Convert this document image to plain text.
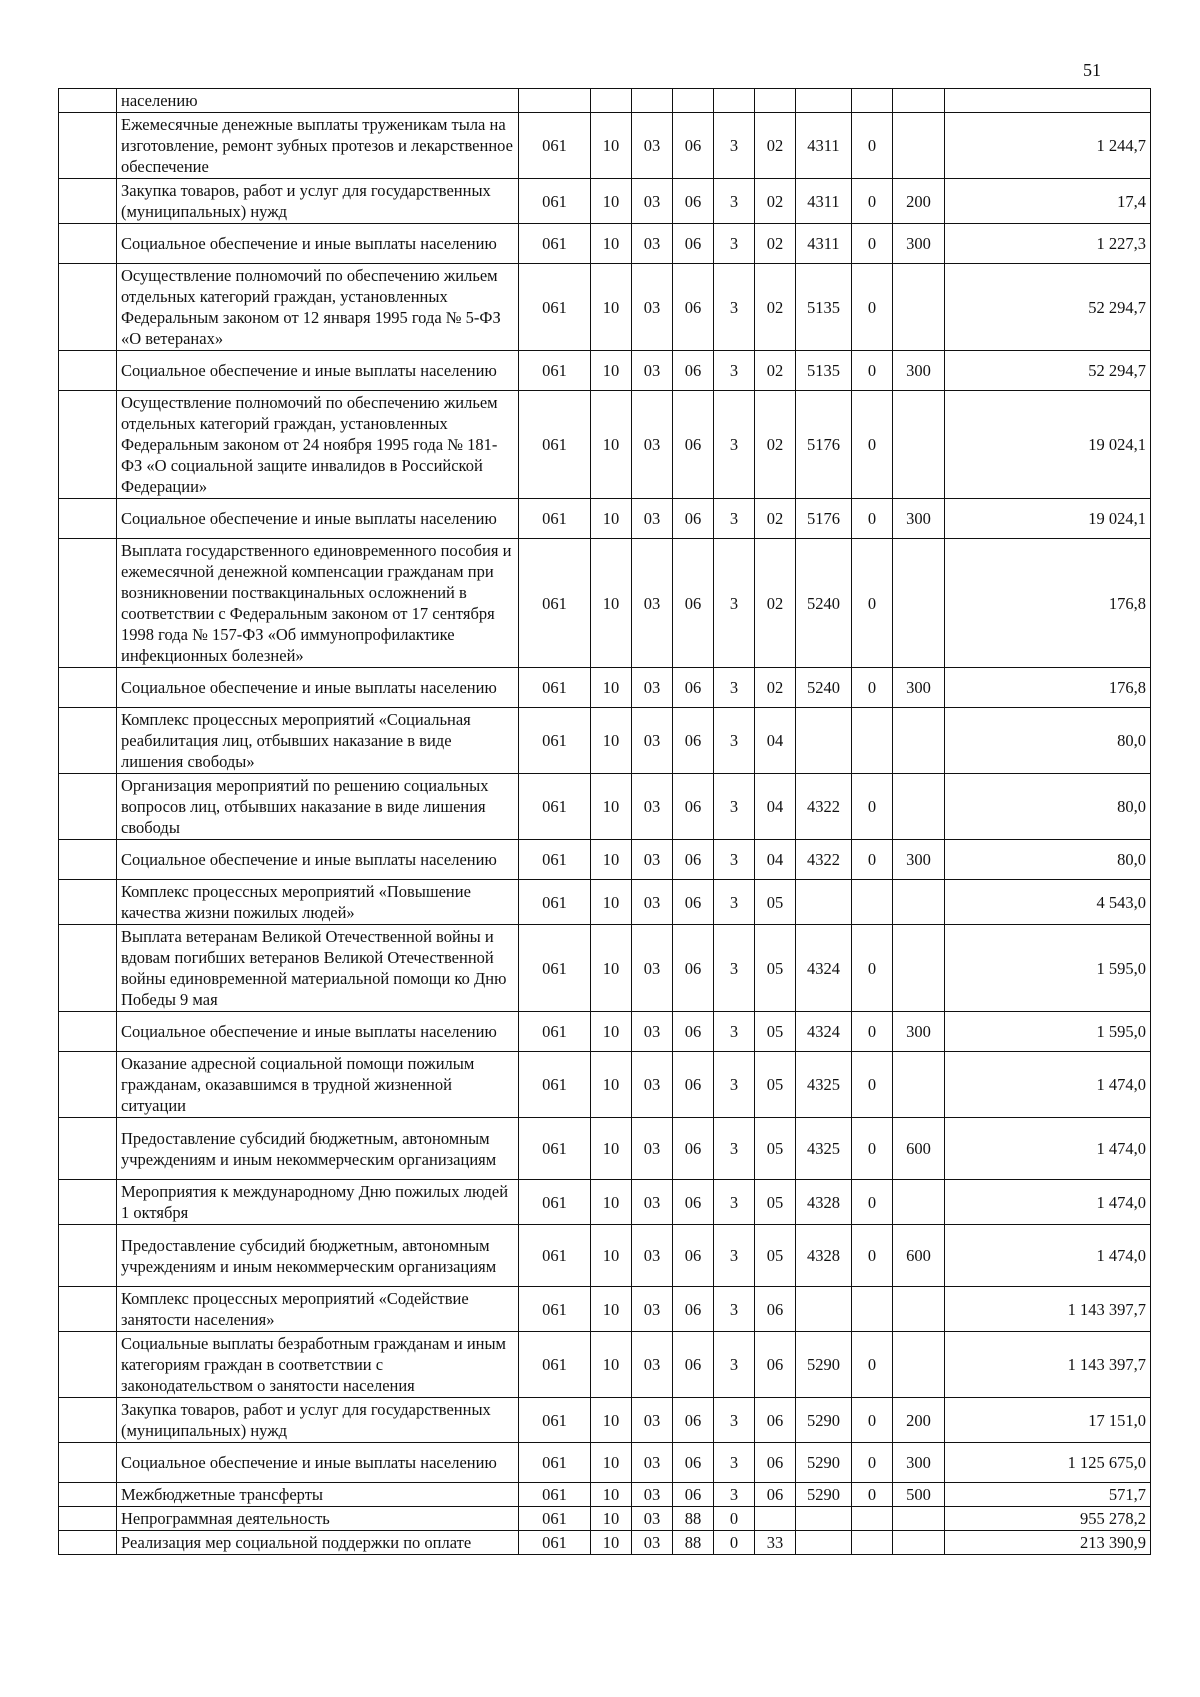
51
	населению										
	Ежемесячные денежные выплаты труженикам тыла на изготовление, ремонт зубных протезов и лекарственное обеспечение	061	10	03	06	3	02	4311	0		1 244,7
	Закупка товаров, работ и услуг для государственных (муниципальных) нужд	061	10	03	06	3	02	4311	0	200	17,4
	Социальное обеспечение и иные выплаты населению	061	10	03	06	3	02	4311	0	300	1 227,3
	Осуществление полномочий по обеспечению жильем отдельных категорий граждан, установленных Федеральным законом от 12 января 1995 года № 5-ФЗ «О ветеранах»	061	10	03	06	3	02	5135	0		52 294,7
	Социальное обеспечение и иные выплаты населению	061	10	03	06	3	02	5135	0	300	52 294,7
	Осуществление полномочий по обеспечению жильем отдельных категорий граждан, установленных Федеральным законом от 24 ноября 1995 года № 181-ФЗ «О социальной защите инвалидов в Российской Федерации»	061	10	03	06	3	02	5176	0		19 024,1
	Социальное обеспечение и иные выплаты населению	061	10	03	06	3	02	5176	0	300	19 024,1
	Выплата государственного единовременного пособия и ежемесячной денежной компенсации гражданам при возникновении поствакцинальных осложнений в соответствии с Федеральным законом от 17 сентября 1998 года № 157-ФЗ «Об иммунопрофилактике инфекционных болезней»	061	10	03	06	3	02	5240	0		176,8
	Социальное обеспечение и иные выплаты населению	061	10	03	06	3	02	5240	0	300	176,8
	Комплекс процессных мероприятий «Социальная реабилитация лиц, отбывших наказание в виде лишения свободы»	061	10	03	06	3	04				80,0
	Организация мероприятий по решению социальных вопросов лиц, отбывших наказание в виде лишения свободы	061	10	03	06	3	04	4322	0		80,0
	Социальное обеспечение и иные выплаты населению	061	10	03	06	3	04	4322	0	300	80,0
	Комплекс процессных мероприятий «Повышение качества жизни пожилых людей»	061	10	03	06	3	05				4 543,0
	Выплата ветеранам Великой Отечественной войны и вдовам погибших ветеранов Великой Отечественной войны единовременной материальной помощи ко Дню Победы 9 мая	061	10	03	06	3	05	4324	0		1 595,0
	Социальное обеспечение и иные выплаты населению	061	10	03	06	3	05	4324	0	300	1 595,0
	Оказание адресной социальной помощи пожилым гражданам, оказавшимся в трудной жизненной ситуации	061	10	03	06	3	05	4325	0		1 474,0
	Предоставление субсидий бюджетным, автономным учреждениям и иным некоммерческим организациям	061	10	03	06	3	05	4325	0	600	1 474,0
	Мероприятия к международному Дню пожилых людей 1 октября	061	10	03	06	3	05	4328	0		1 474,0
	Предоставление субсидий бюджетным, автономным учреждениям и иным некоммерческим организациям	061	10	03	06	3	05	4328	0	600	1 474,0
	Комплекс процессных мероприятий «Содействие занятости населения»	061	10	03	06	3	06				1 143 397,7
	Социальные выплаты безработным гражданам и иным категориям граждан в соответствии с законодательством о занятости населения	061	10	03	06	3	06	5290	0		1 143 397,7
	Закупка товаров, работ и услуг для государственных (муниципальных) нужд	061	10	03	06	3	06	5290	0	200	17 151,0
	Социальное обеспечение и иные выплаты населению	061	10	03	06	3	06	5290	0	300	1 125 675,0
	Межбюджетные трансферты	061	10	03	06	3	06	5290	0	500	571,7
	Непрограммная деятельность	061	10	03	88	0					955 278,2
	Реализация мер социальной поддержки по оплате	061	10	03	88	0	33				213 390,9
